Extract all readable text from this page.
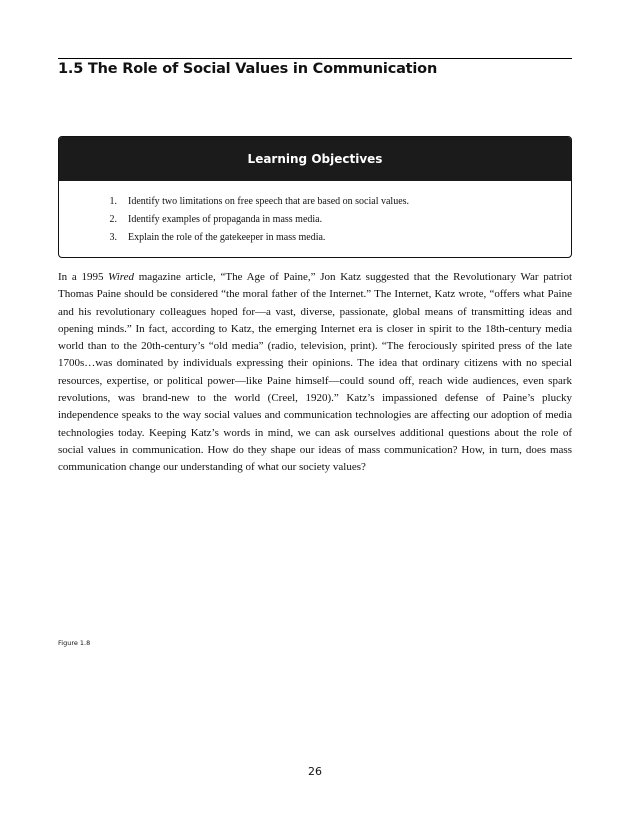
1.5 The Role of Social Values in Communication
Learning Objectives
1. Identify two limitations on free speech that are based on social values.
2. Identify examples of propaganda in mass media.
3. Explain the role of the gatekeeper in mass media.

In a 1995 Wired magazine article, “The Age of Paine,” Jon Katz suggested that the Revolutionary War patriot Thomas Paine should be considered “the moral father of the Internet.” The Internet, Katz wrote, “offers what Paine and his revolutionary colleagues hoped for—a vast, diverse, passionate, global means of transmitting ideas and opening minds.” In fact, according to Katz, the emerging Internet era is closer in spirit to the 18th-century media world than to the 20th-century’s “old media” (radio, television, print). “The ferociously spirited press of the late 1700s…was dominated by individuals expressing their opinions. The idea that ordinary citizens with no special resources, expertise, or political power—like Paine himself—could sound off, reach wide audiences, even spark revolutions, was brand-new to the world (Creel, 1920).” Katz’s impassioned defense of Paine’s plucky independence speaks to the way social values and communication technologies are affecting our adoption of media technologies today. Keeping Katz’s words in mind, we can ask ourselves additional questions about the role of social values in communication. How do they shape our ideas of mass communication? How, in turn, does mass communication change our understanding of what our society values?

Figure 1.8
26
